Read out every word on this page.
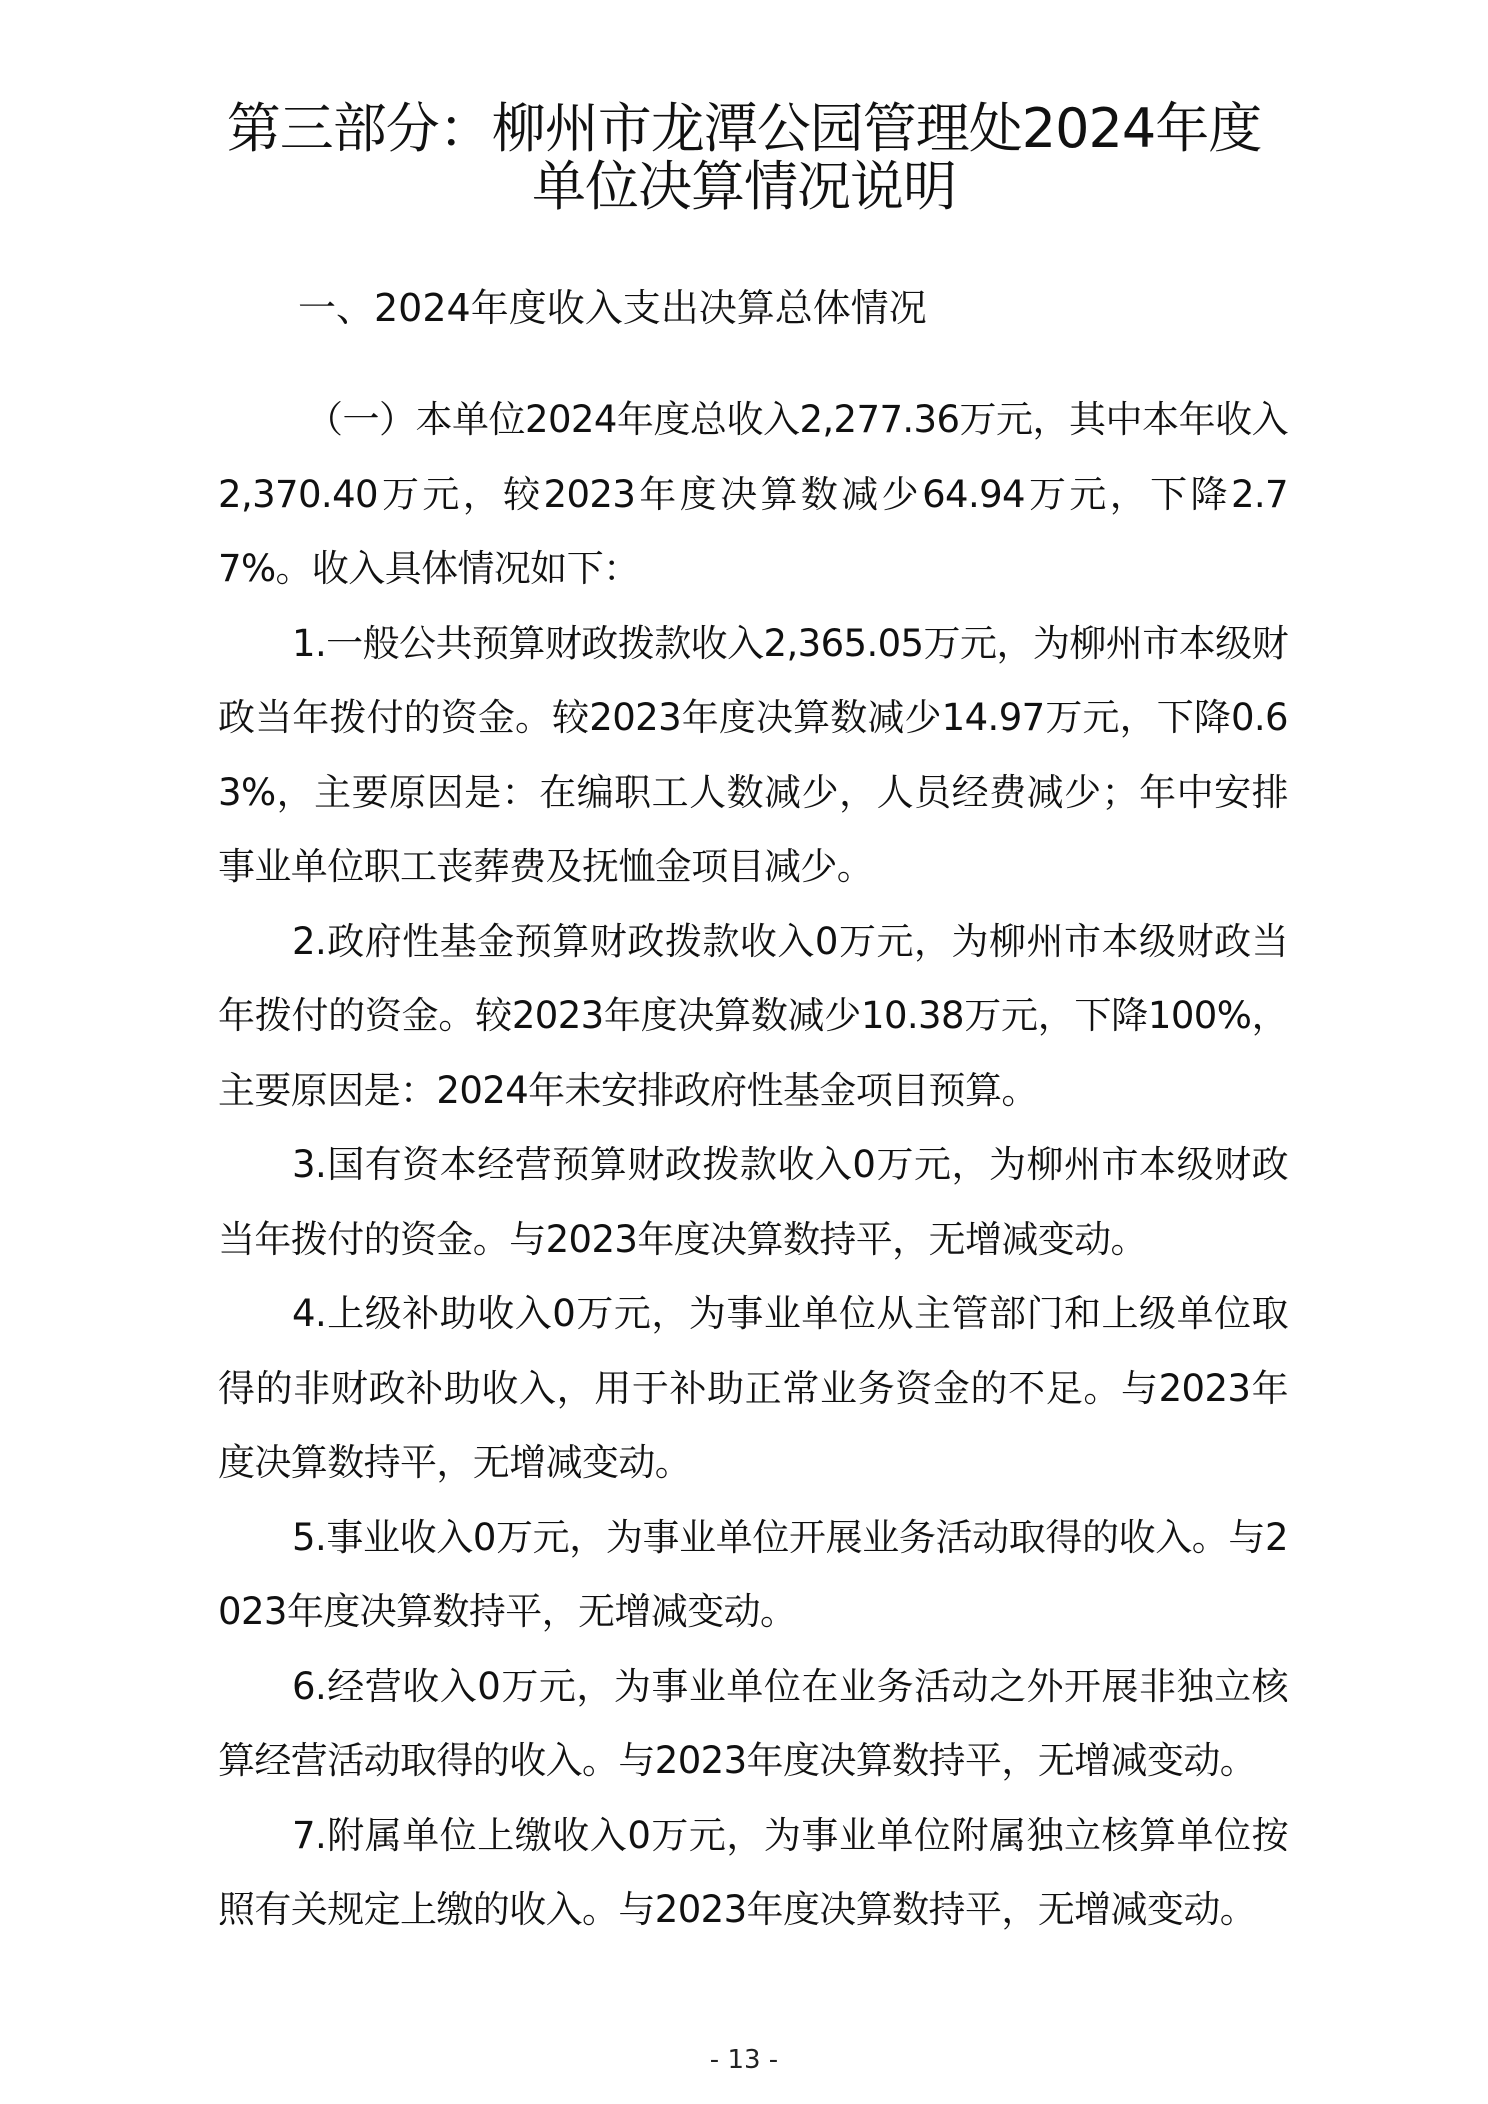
第三部分：柳州市龙潭公园管理处2024年度
单位决算情况说明
一、2024年度收入支出决算总体情况

（一）本单位2024年度总收入2,277.36万元，其中本年收入2,370.40万元，较2023年度决算数减少64.94万元，下降2.77%。收入具体情况如下：

1.一般公共预算财政拨款收入2,365.05万元，为柳州市本级财政当年拨付的资金。较2023年度决算数减少14.97万元，下降0.63%，主要原因是：在编职工人数减少，人员经费减少；年中安排事业单位职工丧葬费及抚恤金项目减少。

2.政府性基金预算财政拨款收入0万元，为柳州市本级财政当年拨付的资金。较2023年度决算数减少10.38万元，下降100%，主要原因是：2024年未安排政府性基金项目预算。

3.国有资本经营预算财政拨款收入0万元，为柳州市本级财政当年拨付的资金。与2023年度决算数持平，无增减变动。

4.上级补助收入0万元，为事业单位从主管部门和上级单位取得的非财政补助收入，用于补助正常业务资金的不足。与2023年度决算数持平，无增减变动。

5.事业收入0万元，为事业单位开展业务活动取得的收入。与2023年度决算数持平，无增减变动。

6.经营收入0万元，为事业单位在业务活动之外开展非独立核算经营活动取得的收入。与2023年度决算数持平，无增减变动。

7.附属单位上缴收入0万元，为事业单位附属独立核算单位按照有关规定上缴的收入。与2023年度决算数持平，无增减变动。

- 13 -
